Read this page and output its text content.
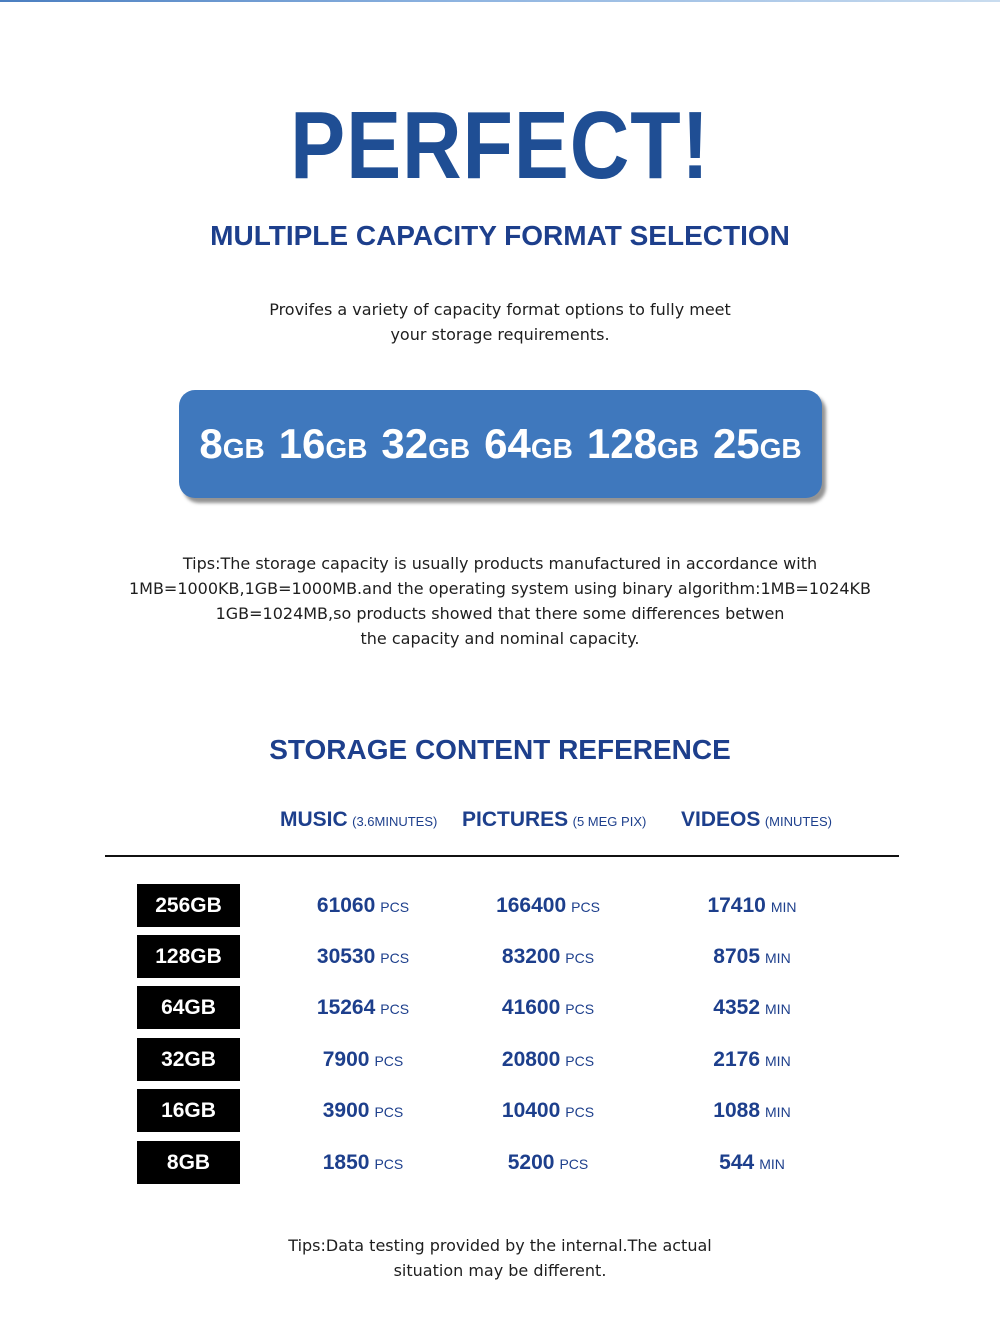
PERFECT!
MULTIPLE CAPACITY FORMAT SELECTION
Provifes a variety of capacity format options to fully meet
your storage requirements.
8GB 16GB 32GB 64GB 128GB 25GB
Tips:The storage capacity is usually products manufactured in accordance with
1MB=1000KB,1GB=1000MB.and the operating system using binary algorithm:1MB=1024KB
1GB=1024MB,so products showed that there some differences betwen
the capacity and nominal capacity.
STORAGE CONTENT REFERENCE
MUSIC (3.6MINUTES) PICTURES (5 MEG PIX) VIDEOS (MINUTES)
256GB	61060 PCS	166400 PCS	17410 MIN
128GB	30530 PCS	83200 PCS	8705 MIN
64GB	15264 PCS	41600 PCS	4352 MIN
32GB	7900 PCS	20800 PCS	2176 MIN
16GB	3900 PCS	10400 PCS	1088 MIN
8GB	1850 PCS	5200 PCS	544 MIN
Tips:Data testing provided by the internal.The actual
situation may be different.
